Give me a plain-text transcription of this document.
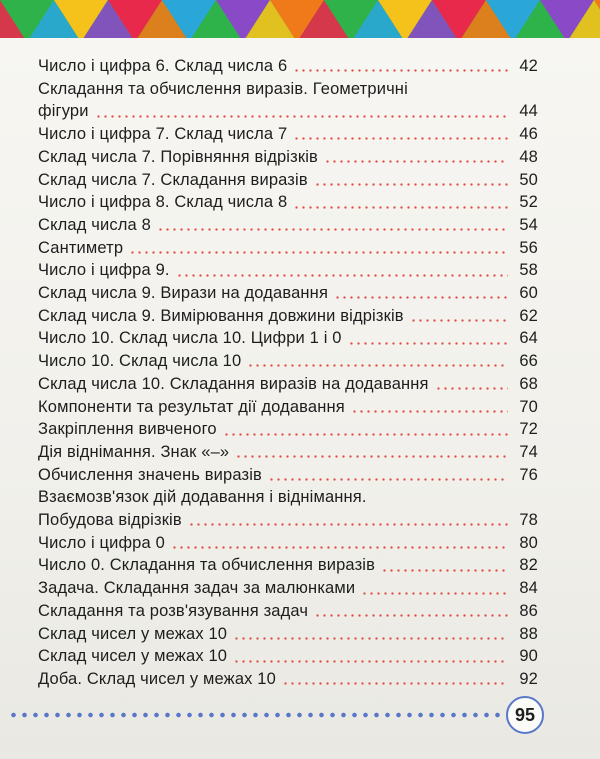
Число і цифра 6. Склад числа 6	42
Складання та обчислення виразів. Геометричні
фігури	44
Число і цифра 7. Склад числа 7	46
Склад числа 7. Порівняння відрізків	48
Склад числа 7. Складання виразів	50
Число і цифра 8. Склад числа 8	52
Склад числа 8	54
Сантиметр	56
Число і цифра 9.	58
Склад числа 9. Вирази на додавання	60
Склад числа 9. Вимірювання довжини відрізків	62
Число 10. Склад числа 10. Цифри 1 і 0	64
Число 10. Склад числа 10	66
Склад числа 10. Складання виразів на додавання	68
Компоненти та результат дії додавання	70
Закріплення вивченого	72
Дія віднімання. Знак «–»	74
Обчислення значень виразів	76
Взаємозв'язок дій додавання і віднімання.
Побудова відрізків	78
Число і цифра 0	80
Число 0. Складання та обчислення виразів	82
Задача. Складання задач за малюнками	84
Складання та розв'язування задач	86
Склад чисел у межах 10	88
Склад чисел у межах 10	90
Доба. Склад чисел у межах 10	92
95
